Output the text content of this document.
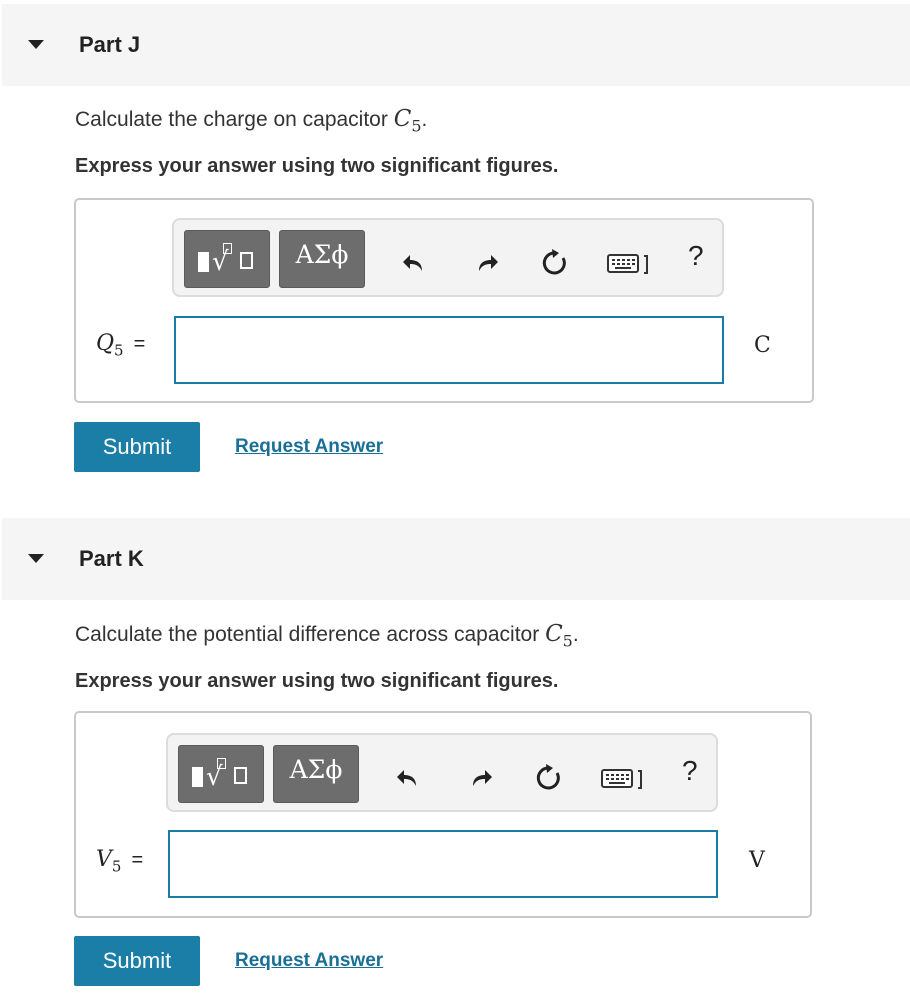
Part J
Calculate the charge on capacitor $C_5$.
Express your answer using two significant figures.
√	ΑΣϕ	?
$Q_5$ =	C
Submit	Request Answer
Part K
Calculate the potential difference across capacitor $C_5$.
Express your answer using two significant figures.
√	ΑΣϕ	?
$V_5$ =	V
Submit	Request Answer
